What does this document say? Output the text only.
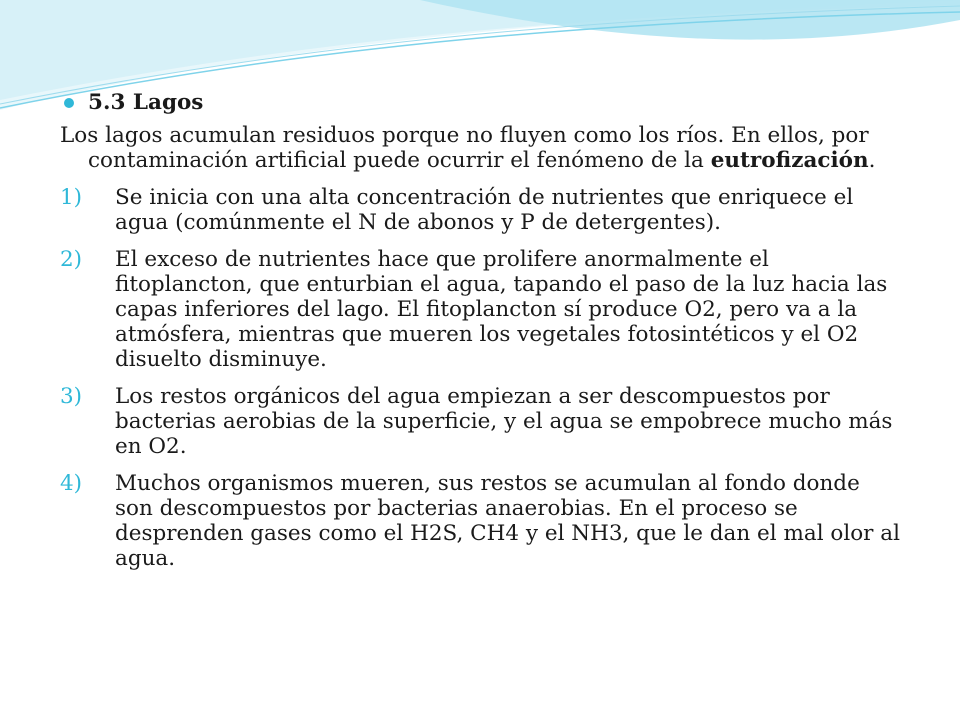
5.3 Lagos

Los lagos acumulan residuos porque no fluyen como los ríos. En ellos, por contaminación artificial puede ocurrir el fenómeno de la eutrofización.

1) Se inicia con una alta concentración de nutrientes que enriquece el agua (comúnmente el N de abonos y P de detergentes).
2) El exceso de nutrientes hace que prolifere anormalmente el fitoplancton, que enturbian el agua, tapando el paso de la luz hacia las capas inferiores del lago. El fitoplancton sí produce O2, pero va a la atmósfera, mientras que mueren los vegetales fotosintéticos y el O2 disuelto disminuye.
3) Los restos orgánicos del agua empiezan a ser descompuestos por bacterias aerobias de la superficie, y el agua se empobrece mucho más en O2.
4) Muchos organismos mueren, sus restos se acumulan al fondo donde son descompuestos por bacterias anaerobias. En el proceso se desprenden gases como el H2S, CH4 y el NH3, que le dan el mal olor al agua.
